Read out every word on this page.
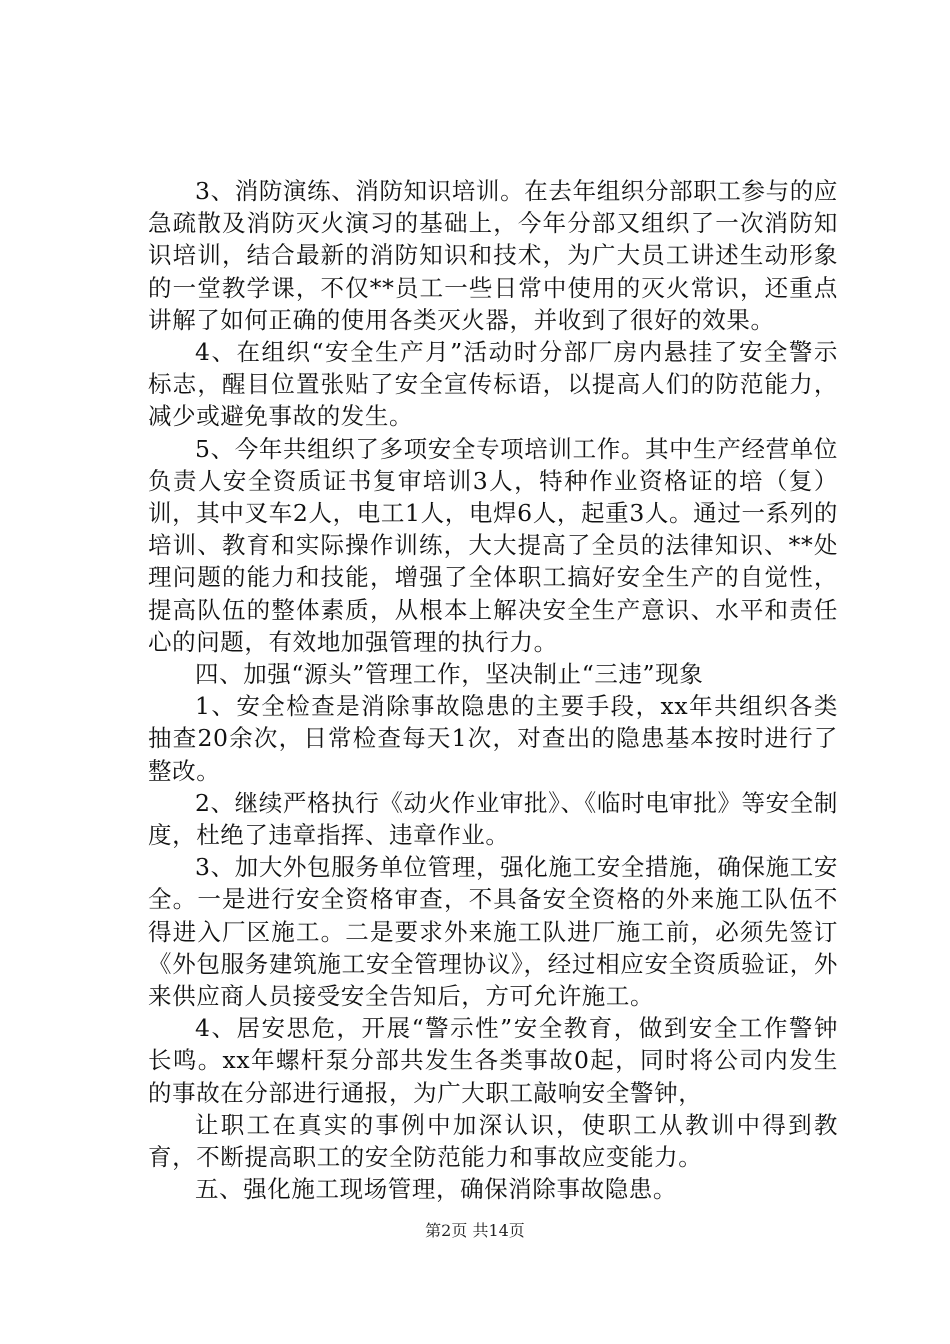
3、消防演练、消防知识培训。在去年组织分部职工参与的应急疏散及消防灭火演习的基础上，今年分部又组织了一次消防知识培训，结合最新的消防知识和技术，为广大员工讲述生动形象的一堂教学课，不仅**员工一些日常中使用的灭火常识，还重点讲解了如何正确的使用各类灭火器，并收到了很好的效果。

4、在组织“安全生产月”活动时分部厂房内悬挂了安全警示标志，醒目位置张贴了安全宣传标语，以提高人们的防范能力，减少或避免事故的发生。

5、今年共组织了多项安全专项培训工作。其中生产经营单位负责人安全资质证书复审培训3人，特种作业资格证的培（复）训，其中叉车2人，电工1人，电焊6人，起重3人。通过一系列的培训、教育和实际操作训练，大大提高了全员的法律知识、**处理问题的能力和技能，增强了全体职工搞好安全生产的自觉性，提高队伍的整体素质，从根本上解决安全生产意识、水平和责任心的问题，有效地加强管理的执行力。

四、加强“源头”管理工作，坚决制止“三违”现象

1、安全检查是消除事故隐患的主要手段，xx年共组织各类抽查20余次，日常检查每天1次，对查出的隐患基本按时进行了整改。

2、继续严格执行《动火作业审批》、《临时电审批》等安全制度，杜绝了违章指挥、违章作业。

3、加大外包服务单位管理，强化施工安全措施，确保施工安全。一是进行安全资格审查，不具备安全资格的外来施工队伍不得进入厂区施工。二是要求外来施工队进厂施工前，必须先签订《外包服务建筑施工安全管理协议》，经过相应安全资质验证，外来供应商人员接受安全告知后，方可允许施工。

4、居安思危，开展“警示性”安全教育，做到安全工作警钟长鸣。xx年螺杆泵分部共发生各类事故0起，同时将公司内发生的事故在分部进行通报，为广大职工敲响安全警钟，

让职工在真实的事例中加深认识，使职工从教训中得到教育，不断提高职工的安全防范能力和事故应变能力。

五、强化施工现场管理，确保消除事故隐患。

第2页 共14页
